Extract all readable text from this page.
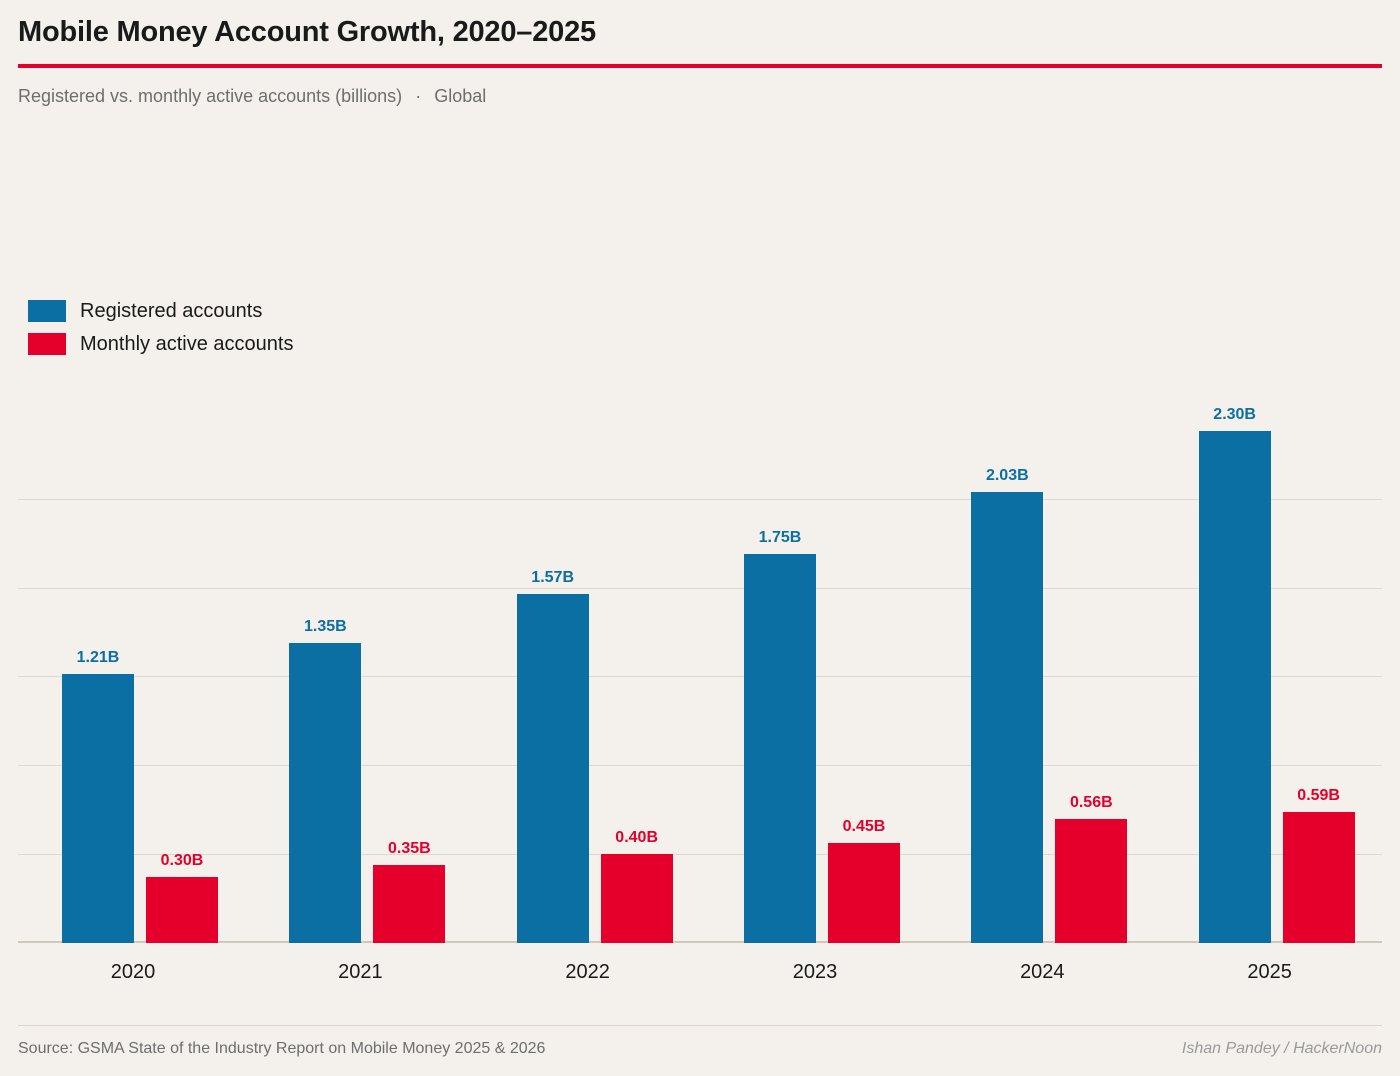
Mobile Money Account Growth, 2020–2025
Registered vs. monthly active accounts (billions) · Global
Registered accounts
Monthly active accounts
1.21B
0.30B
2020
1.35B
0.35B
2021
1.57B
0.40B
2022
1.75B
0.45B
2023
2.03B
0.56B
2024
2.30B
0.59B
2025
Source: GSMA State of the Industry Report on Mobile Money 2025 & 2026	Ishan Pandey / HackerNoon
